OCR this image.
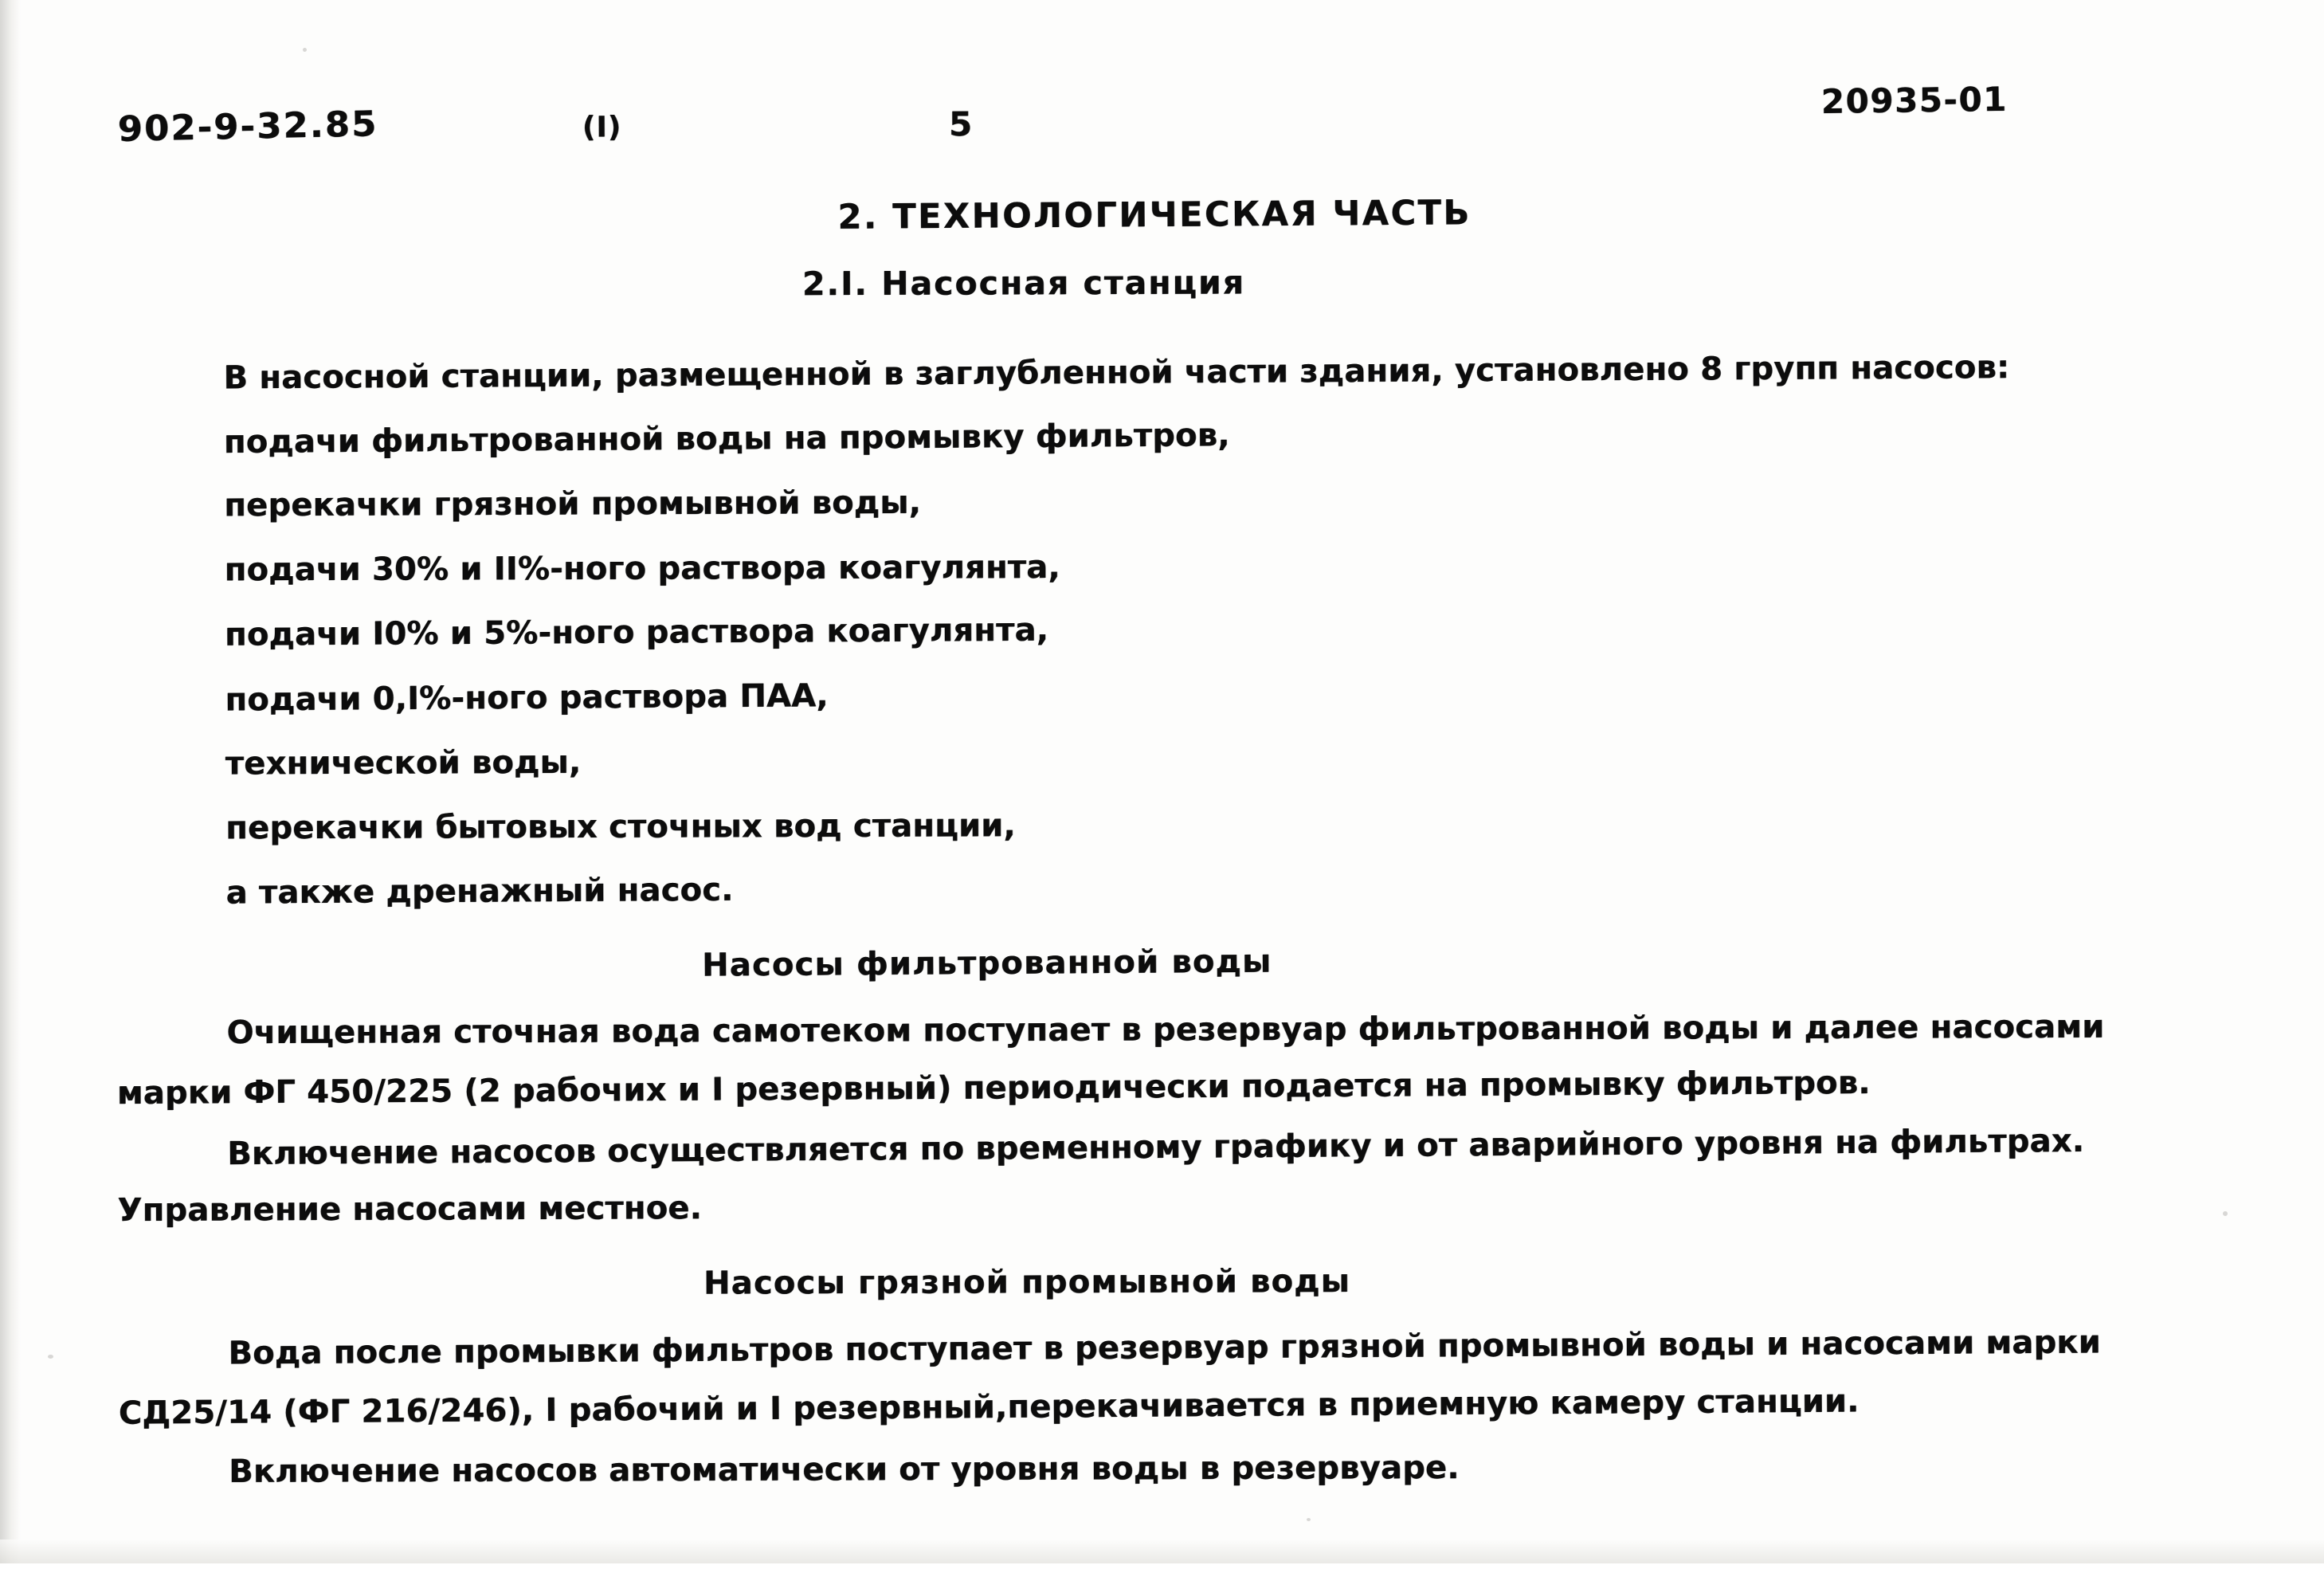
902-9-32.85	(I)	5
20935-01
2. ТЕХНОЛОГИЧЕСКАЯ ЧАСТЬ
2.I. Насосная станция
В насосной станции, размещенной в заглубленной части здания, установлено 8 групп насосов:
подачи фильтрованной воды на промывку фильтров,
перекачки грязной промывной воды,
подачи 30% и II%-ного раствора коагулянта,
подачи I0% и 5%-ного раствора коагулянта,
подачи 0,I%-ного раствора ПАА,
технической воды,
перекачки бытовых сточных вод станции,
а также дренажный насос.
Насосы фильтрованной воды
Очищенная сточная вода самотеком поступает в резервуар фильтрованной воды и далее насосами
марки ФГ 450/225 (2 рабочих и I резервный) периодически подается на промывку фильтров.
Включение насосов осуществляется по временному графику и от аварийного уровня на фильтрах.
Управление насосами местное.
Насосы грязной промывной воды
Вода после промывки фильтров поступает в резервуар грязной промывной воды и насосами марки
СД25/14 (ФГ 216/246), I рабочий и I резервный,перекачивается в приемную камеру станции.
Включение насосов автоматически от уровня воды в резервуаре.
